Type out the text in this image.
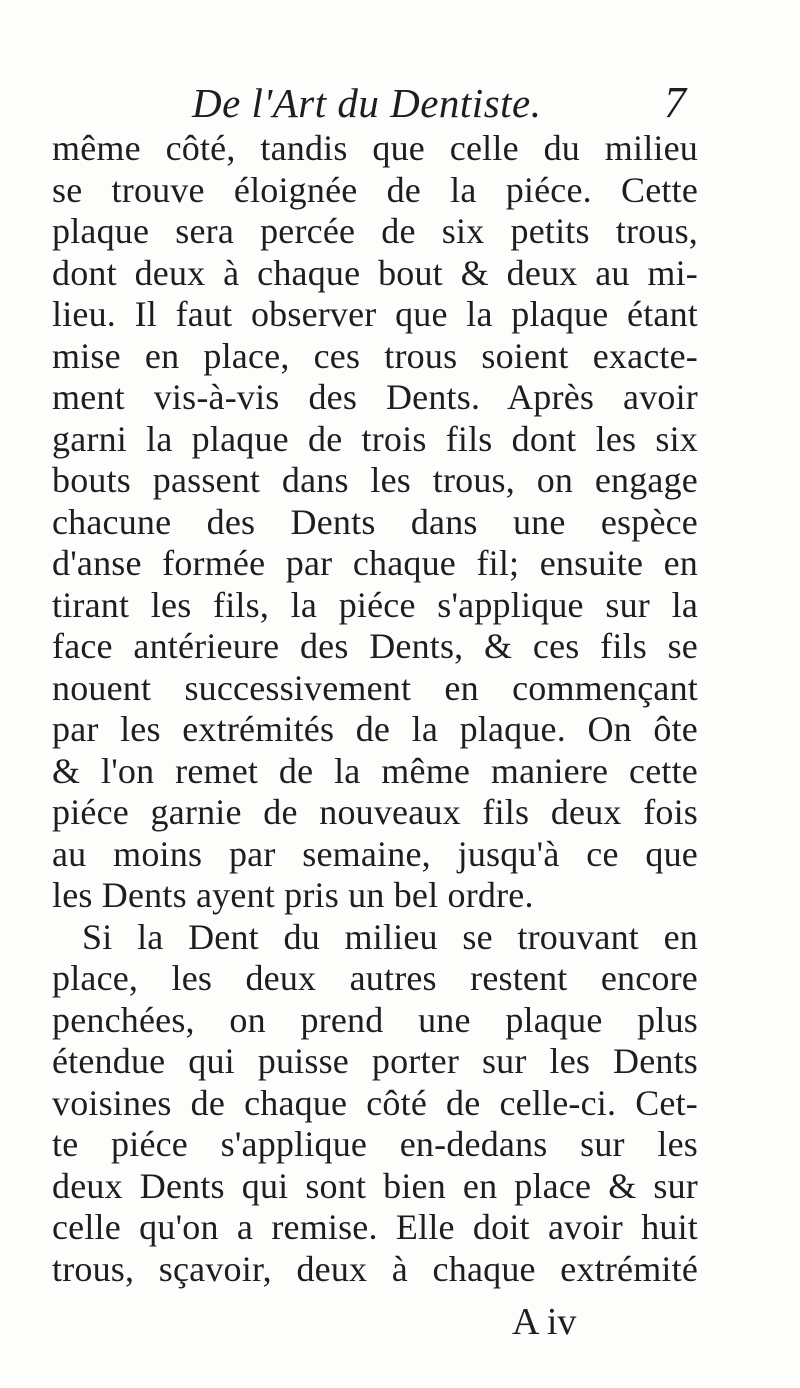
De l'Art du Dentiste.	7
même côté, tandis que celle du milieu
se trouve éloignée de la piéce. Cette
plaque sera percée de six petits trous,
dont deux à chaque bout & deux au mi-
lieu. Il faut observer que la plaque étant
mise en place, ces trous soient exacte-
ment vis-à-vis des Dents. Après avoir
garni la plaque de trois fils dont les six
bouts passent dans les trous, on engage
chacune des Dents dans une espèce
d'anse formée par chaque fil; ensuite en
tirant les fils, la piéce s'applique sur la
face antérieure des Dents, & ces fils se
nouent successivement en commençant
par les extrémités de la plaque. On ôte
& l'on remet de la même maniere cette
piéce garnie de nouveaux fils deux fois
au moins par semaine, jusqu'à ce que
les Dents ayent pris un bel ordre.
Si la Dent du milieu se trouvant en
place, les deux autres restent encore
penchées, on prend une plaque plus
étendue qui puisse porter sur les Dents
voisines de chaque côté de celle-ci. Cet-
te piéce s'applique en-dedans sur les
deux Dents qui sont bien en place & sur
celle qu'on a remise. Elle doit avoir huit
trous, sçavoir, deux à chaque extrémité
A iv
